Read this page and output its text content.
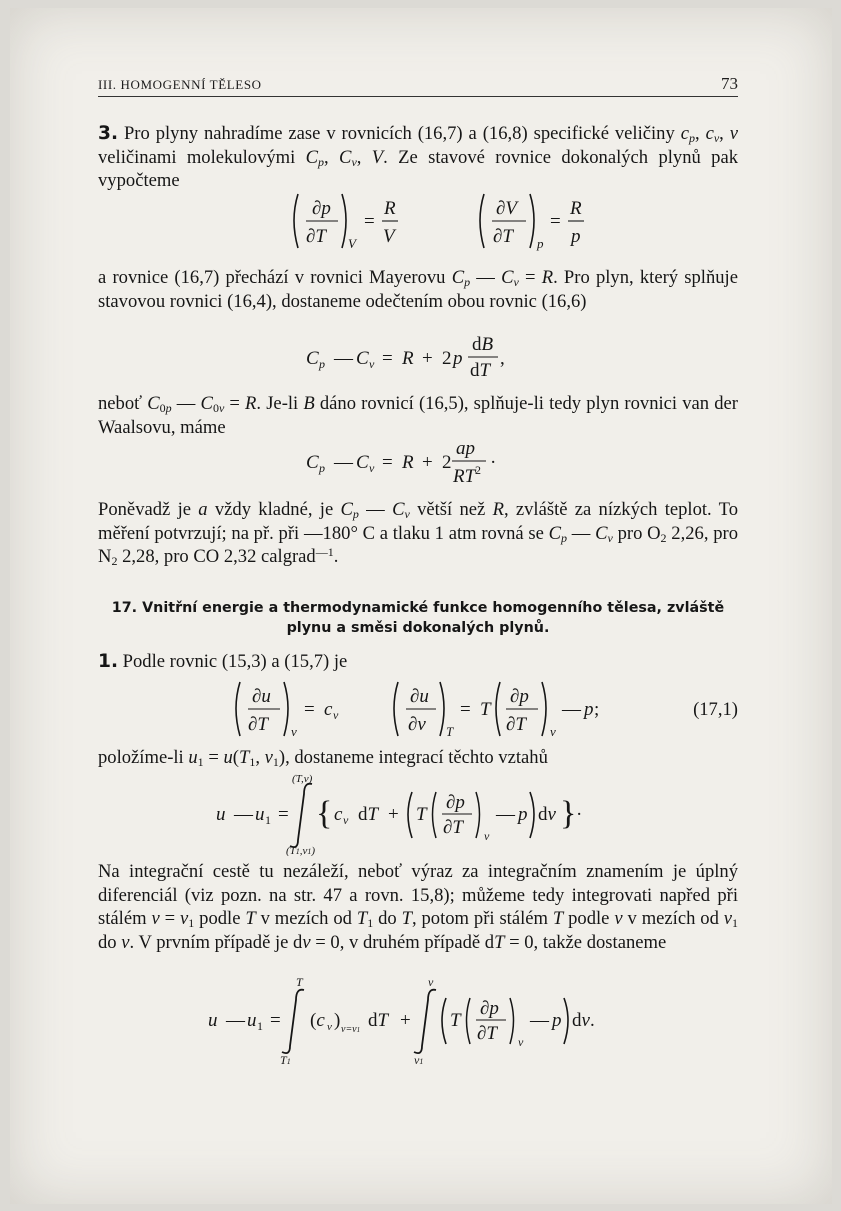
III. HOMOGENNÍ TĚLESO	73
3. Pro plyny nahradíme zase v rovnicích (16,7) a (16,8) specifické veličiny $c_p$, $c_v$, v veličinami molekulovými $C_p$, $C_v$, V. Ze stavové rovnice dokonalých plynů pak vypočteme
∂p
∂T V
=
R
V
∂V
∂T p
=
R
p
a rovnice (16,7) přechází v rovnici Mayerovu $C_p$ — $C_v = R$. Pro plyn, který splňuje stavovou rovnici (16,4), dostaneme odečtením obou rovnic (16,6)
C p — C v = R + 2 p
dB
dT
,
neboť $C_{0p}$ — $C_{0v} = R$. Je-li B dáno rovnicí (16,5), splňuje-li tedy plyn rovnici van der Waalsovu, máme
C p — C v = R + 2
ap
RT 2 ·
Poněvadž je a vždy kladné, je $C_p$ — $C_v$ větší než R, zvláště za nízkých teplot. To měření potvrzují; na př. při —180° C a tlaku 1 atm rovná se $C_p$ — $C_v$ pro $O_2$ 2,26, pro $N_2$ 2,28, pro CO 2,32 calgrad$^{—1}$.
17. Vnitřní energie a thermodynamické funkce homogenního tělesa, zvláště
plynu a směsi dokonalých plynů.
1. Podle rovnic (15,3) a (15,7) je
∂u
∂T v
= c v
∂u
∂v T
= T
∂p
∂T v
— p ;	(17,1)
položíme-li $u_1 = u(T_1$, $v_1$), dostaneme integrací těchto vztahů
u — u 1 =
(T,v)
(T1,v1)
{ c v dT + T
∂p
∂T v
— p dv } ·
Na integrační cestě tu nezáleží, neboť výraz za integračním znamením je úplný diferenciál (viz pozn. na str. 47 a rovn. 15,8); můžeme tedy integrovati napřed při stálém $v = v_1$ podle T v mezích od $T_1$ do T, potom při stálém T podle v v mezích od $v_1$ do v. V prvním případě je dv = 0, v druhém případě dT = 0, takže dostaneme
u — u 1 =
T
T1
(c v ) v=v1 dT +
v
v1
T
∂p
∂T v
— p dv.
